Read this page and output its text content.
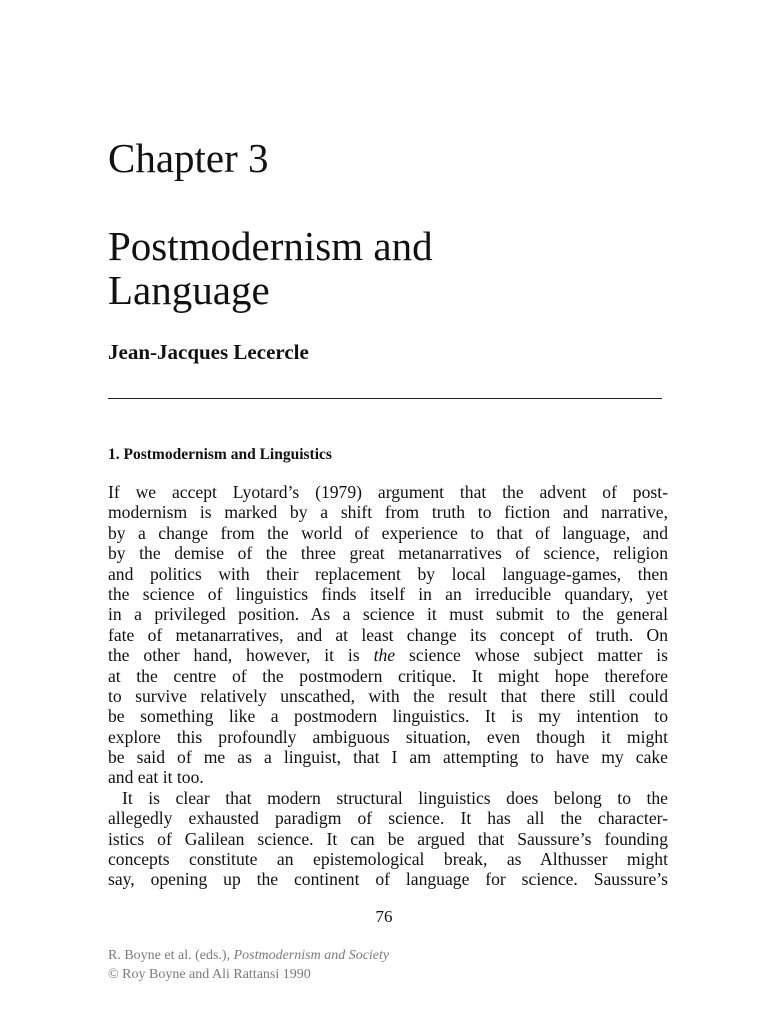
Chapter 3
Postmodernism and
Language
Jean-Jacques Lecercle
1. Postmodernism and Linguistics
If we accept Lyotard’s (1979) argument that the advent of post-
modernism is marked by a shift from truth to fiction and narrative,
by a change from the world of experience to that of language, and
by the demise of the three great metanarratives of science, religion
and politics with their replacement by local language-games, then
the science of linguistics finds itself in an irreducible quandary, yet
in a privileged position. As a science it must submit to the general
fate of metanarratives, and at least change its concept of truth. On
the other hand, however, it is the science whose subject matter is
at the centre of the postmodern critique. It might hope therefore
to survive relatively unscathed, with the result that there still could
be something like a postmodern linguistics. It is my intention to
explore this profoundly ambiguous situation, even though it might
be said of me as a linguist, that I am attempting to have my cake
and eat it too.
It is clear that modern structural linguistics does belong to the
allegedly exhausted paradigm of science. It has all the character-
istics of Galilean science. It can be argued that Saussure’s founding
concepts constitute an epistemological break, as Althusser might
say, opening up the continent of language for science. Saussure’s
76
R. Boyne et al. (eds.), Postmodernism and Society
© Roy Boyne and Ali Rattansi 1990
